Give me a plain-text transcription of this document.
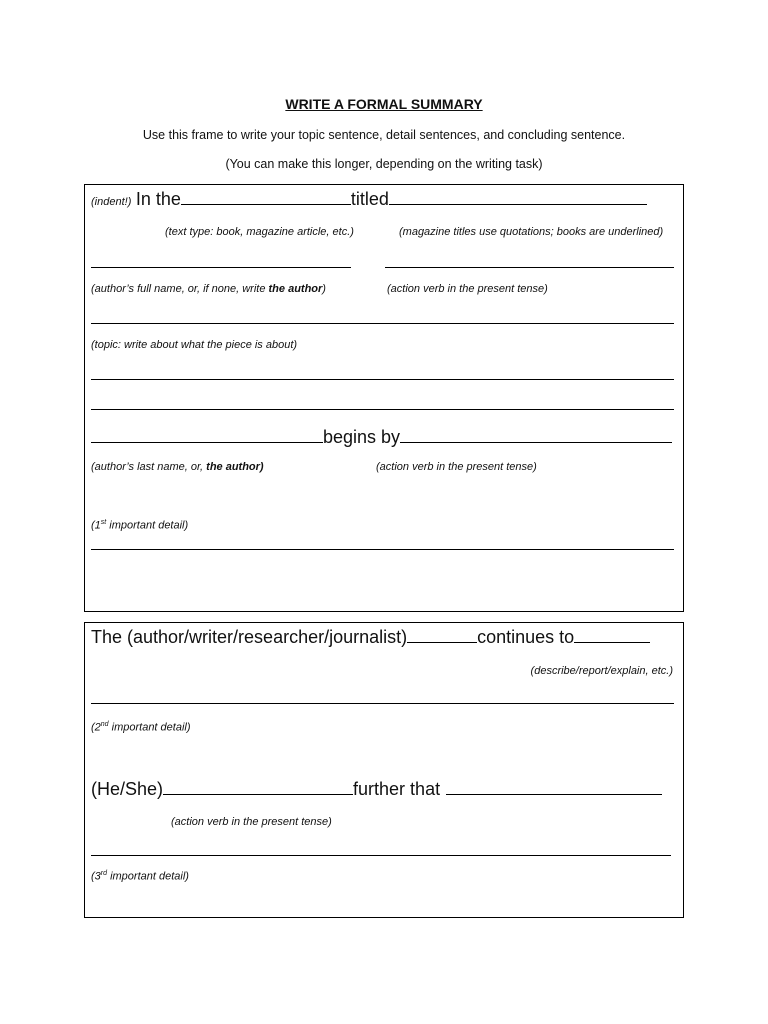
WRITE A FORMAL SUMMARY
Use this frame to write your topic sentence, detail sentences, and concluding sentence.
(You can make this longer, depending on the writing task)
(indent!) In the	titled
(text type: book, magazine article, etc.)	(magazine titles use quotations; books are underlined)
(author’s full name, or, if none, write the author)	(action verb in the present tense)
(topic: write about what the piece is about)
begins by
(author’s last name, or, the author)	(action verb in the present tense)
(1st important detail)
The (author/writer/researcher/journalist)	continues to
(describe/report/explain, etc.)
(2nd important detail)
(He/She)	further that
(action verb in the present tense)
(3rd important detail)
